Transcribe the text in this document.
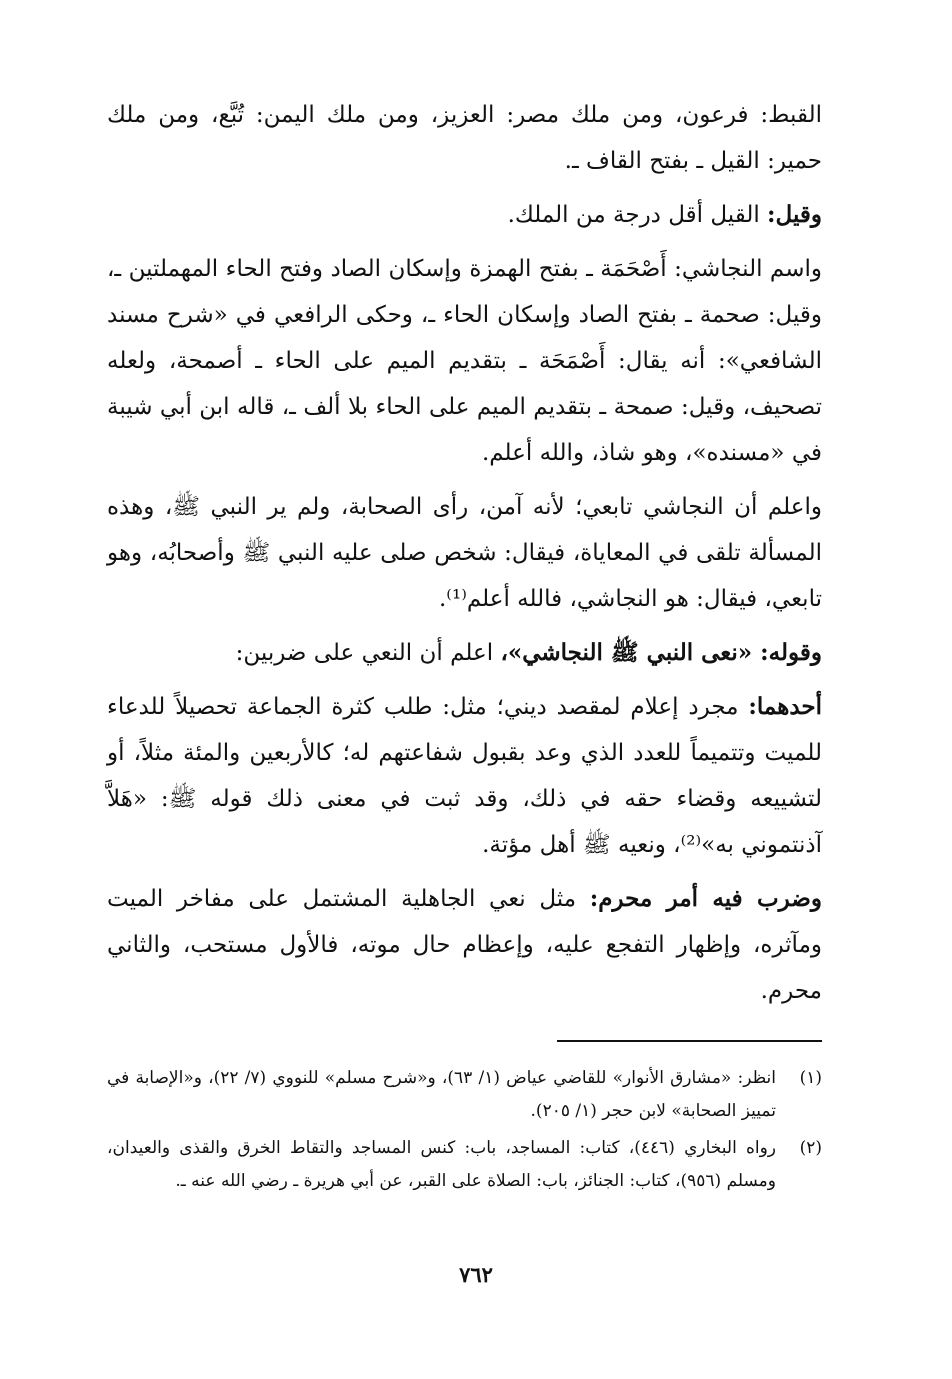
القبط: فرعون، ومن ملك مصر: العزيز، ومن ملك اليمن: تُبَّع، ومن ملك حمير: القيل ـ بفتح القاف ـ.

وقيل: القيل أقل درجة من الملك.

واسم النجاشي: أَصْحَمَة ـ بفتح الهمزة وإسكان الصاد وفتح الحاء المهملتين ـ، وقيل: صحمة ـ بفتح الصاد وإسكان الحاء ـ، وحكى الرافعي في «شرح مسند الشافعي»: أنه يقال: أَصْمَحَة ـ بتقديم الميم على الحاء ـ أصمحة، ولعله تصحيف، وقيل: صمحة ـ بتقديم الميم على الحاء بلا ألف ـ، قاله ابن أبي شيبة في «مسنده»، وهو شاذ، والله أعلم.

واعلم أن النجاشي تابعي؛ لأنه آمن، رأى الصحابة، ولم ير النبي ﷺ، وهذه المسألة تلقى في المعاياة، فيقال: شخص صلى عليه النبي ﷺ وأصحابُه، وهو تابعي، فيقال: هو النجاشي، فالله أعلم⁽¹⁾.

وقوله: «نعى النبي ﷺ النجاشي»، اعلم أن النعي على ضربين:

أحدهما: مجرد إعلام لمقصد ديني؛ مثل: طلب كثرة الجماعة تحصيلاً للدعاء للميت وتتميماً للعدد الذي وعد بقبول شفاعتهم له؛ كالأربعين والمئة مثلاً، أو لتشييعه وقضاء حقه في ذلك، وقد ثبت في معنى ذلك قوله ﷺ: «هَلاَّ آذنتموني به»⁽²⁾، ونعيه ﷺ أهل مؤتة.

وضرب فيه أمر محرم: مثل نعي الجاهلية المشتمل على مفاخر الميت ومآثره، وإظهار التفجع عليه، وإعظام حال موته، فالأول مستحب، والثاني محرم.

(١)
انظر: «مشارق الأنوار» للقاضي عياض (١/ ٦٣)، و«شرح مسلم» للنووي (٧/ ٢٢)، و«الإصابة في تمييز الصحابة» لابن حجر (١/ ٢٠٥).
(٢)
رواه البخاري (٤٤٦)، كتاب: المساجد، باب: كنس المساجد والتقاط الخرق والقذى والعيدان، ومسلم (٩٥٦)، كتاب: الجنائز، باب: الصلاة على القبر، عن أبي هريرة ـ رضي الله عنه ـ.
٧٦٢
